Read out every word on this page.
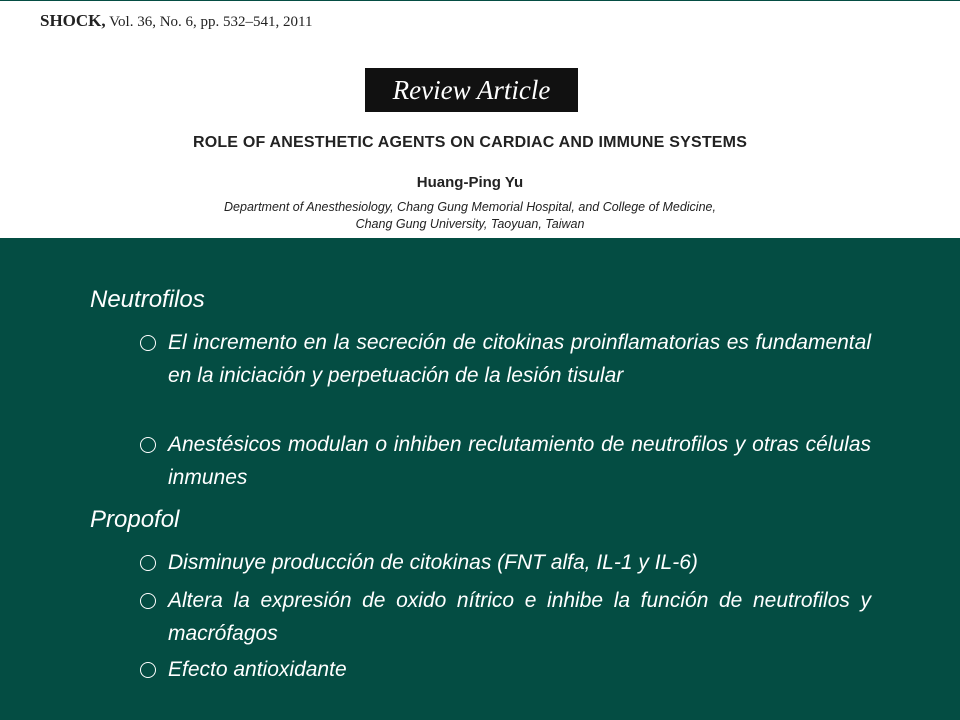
SHOCK, Vol. 36, No. 6, pp. 532–541, 2011
Review Article
ROLE OF ANESTHETIC AGENTS ON CARDIAC AND IMMUNE SYSTEMS
Huang-Ping Yu
Department of Anesthesiology, Chang Gung Memorial Hospital, and College of Medicine,
Chang Gung University, Taoyuan, Taiwan
Neutrofilos
El incremento en la secreción de citokinas proinflamatorias es fundamental en la iniciación y perpetuación de la lesión tisular
Anestésicos modulan o inhiben reclutamiento de neutrofilos y otras células inmunes
Propofol
Disminuye producción de citokinas (FNT alfa, IL-1 y IL-6)
Altera la expresión de oxido nítrico e inhibe la función de neutrofilos y macrófagos
Efecto antioxidante
